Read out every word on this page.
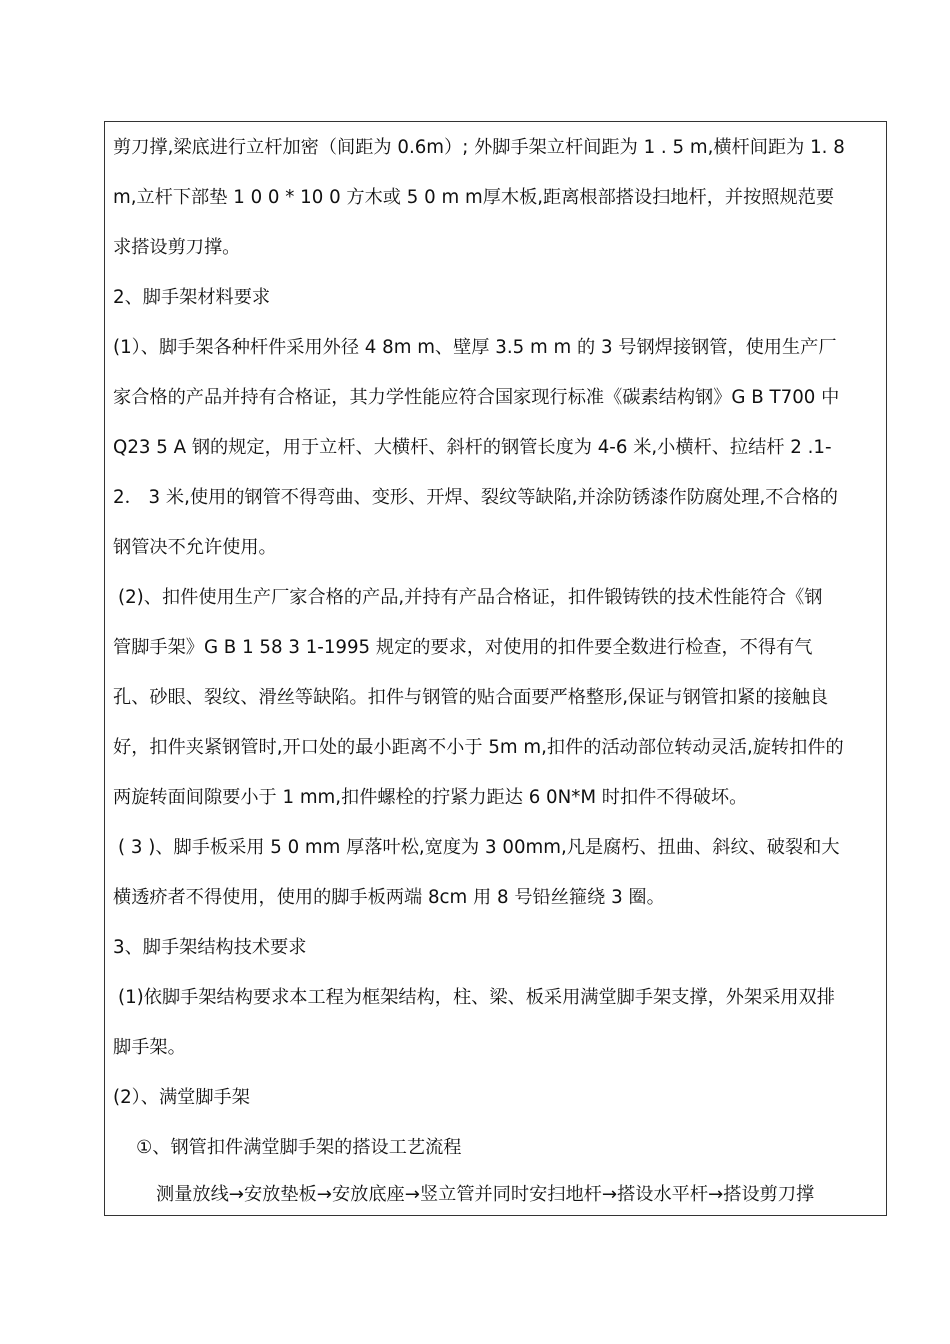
剪刀撑,梁底进行立杆加密（间距为 0.6m）; 外脚手架立杆间距为 1 . 5 m,横杆间距为 1. 8
m,立杆下部垫 1 0 0 * 10 0 方木或 5 0 m m厚木板,距离根部搭设扫地杆，并按照规范要
求搭设剪刀撑。
2、脚手架材料要求
(1）、脚手架各种杆件采用外径 4 8m m、壁厚 3.5 m m 的 3 号钢焊接钢管，使用生产厂
家合格的产品并持有合格证，其力学性能应符合国家现行标准《碳素结构钢》G B T700 中
Q23 5 A 钢的规定，用于立杆、大横杆、斜杆的钢管长度为 4-6 米,小横杆、拉结杆 2 .1-
2． 3 米,使用的钢管不得弯曲、变形、开焊、裂纹等缺陷,并涂防锈漆作防腐处理,不合格的
钢管决不允许使用。
(2)、扣件使用生产厂家合格的产品,并持有产品合格证，扣件锻铸铁的技术性能符合《钢
管脚手架》G B 1 58 3 1-1995 规定的要求，对使用的扣件要全数进行检查，不得有气
孔、砂眼、裂纹、滑丝等缺陷。扣件与钢管的贴合面要严格整形,保证与钢管扣紧的接触良
好，扣件夹紧钢管时,开口处的最小距离不小于 5m m,扣件的活动部位转动灵活,旋转扣件的
两旋转面间隙要小于 1 mm,扣件螺栓的拧紧力距达 6 0N*M 时扣件不得破坏。
( 3 )、脚手板采用 5 0 mm 厚落叶松,宽度为 3 00mm,凡是腐朽、扭曲、斜纹、破裂和大
横透疥者不得使用，使用的脚手板两端 8cm 用 8 号铅丝箍绕 3 圈。
3、脚手架结构技术要求
(1)依脚手架结构要求本工程为框架结构，柱、梁、板采用满堂脚手架支撑，外架采用双排
脚手架。
(2）、满堂脚手架
①、钢管扣件满堂脚手架的搭设工艺流程
测量放线→安放垫板→安放底座→竖立管并同时安扫地杆→搭设水平杆→搭设剪刀撑
